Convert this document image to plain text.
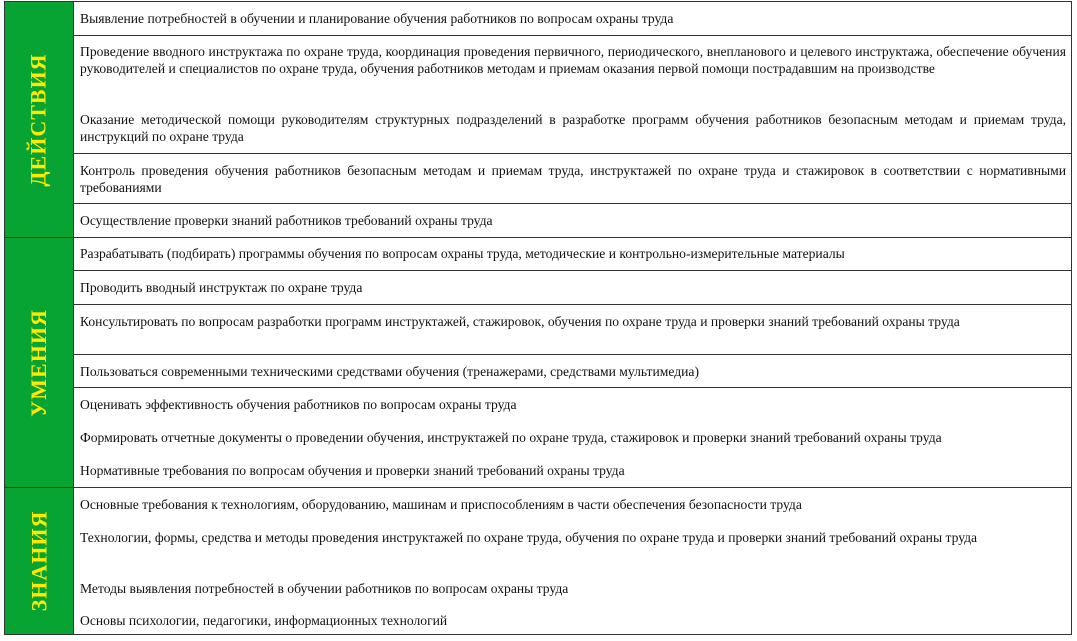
ДЕЙСТВИЯ
Выявление потребностей в обучении и планирование обучения работников по вопросам охраны труда
Проведение вводного инструктажа по охране труда, координация проведения первичного, периодического, внепланового и целевого инструктажа, обеспечение обучения руководителей и специалистов по охране труда, обучения работников методам и приемам оказания первой помощи пострадавшим на производстве
Оказание методической помощи руководителям структурных подразделений в разработке программ обучения работников безопасным методам и приемам труда, инструкций по охране труда
Контроль проведения обучения работников безопасным методам и приемам труда, инструктажей по охране труда и стажировок в соответствии с нормативными требованиями
Осуществление проверки знаний работников требований охраны труда
УМЕНИЯ
Разрабатывать (подбирать) программы обучения по вопросам охраны труда, методические и контрольно-измерительные материалы
Проводить вводный инструктаж по охране труда
Консультировать по вопросам разработки программ инструктажей, стажировок, обучения по охране труда и проверки знаний требований охраны труда
Пользоваться современными техническими средствами обучения (тренажерами, средствами мультимедиа)
Оценивать эффективность обучения работников по вопросам охраны труда
Формировать отчетные документы о проведении обучения, инструктажей по охране труда, стажировок и проверки знаний требований охраны труда
Нормативные требования по вопросам обучения и проверки знаний требований охраны труда
ЗНАНИЯ
Основные требования к технологиям, оборудованию, машинам и приспособлениям в части обеспечения безопасности труда
Технологии, формы, средства и методы проведения инструктажей по охране труда, обучения по охране труда и проверки знаний требований охраны труда
Методы выявления потребностей в обучении работников по вопросам охраны труда
Основы психологии, педагогики, информационных технологий
